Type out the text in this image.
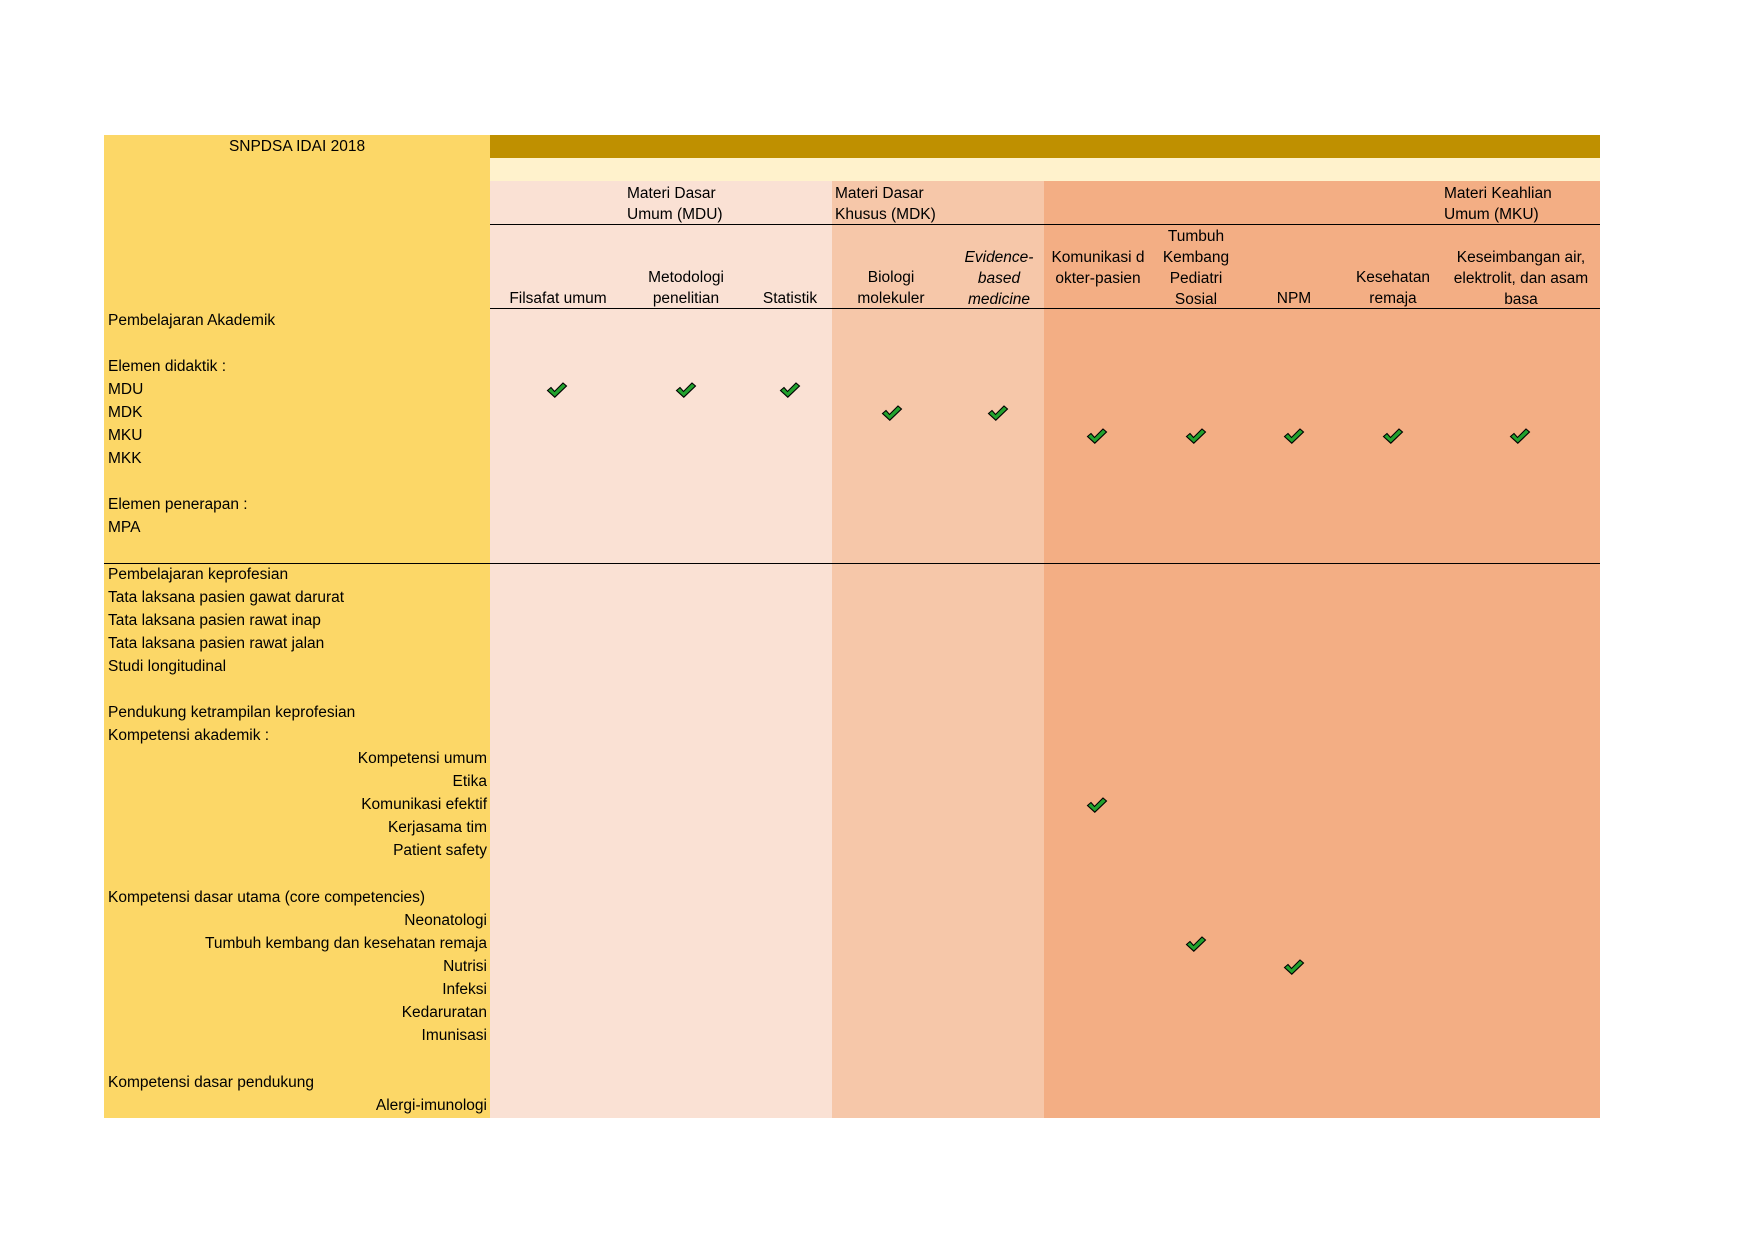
SNPDSA IDAI 2018
Materi Dasar Umum (MDU)
Materi Dasar Khusus (MDK)
Materi Keahlian Umum (MKU)
Filsafat umum
Metodologi penelitian	Statistik
Biologi molekuler
Evidence-based medicine
Komunikasi dokter-pasien
Tumbuh Kembang Pediatri Sosial	NPM
Kesehatan remaja
Keseimbangan air, elektrolit, dan asam basa
Pembelajaran Akademik
Elemen didaktik :
MDU
MDK
MKU
MKK
Elemen penerapan :
MPA
Pembelajaran keprofesian
Tata laksana pasien gawat darurat
Tata laksana pasien rawat inap
Tata laksana pasien rawat jalan
Studi longitudinal
Pendukung ketrampilan keprofesian
Kompetensi akademik :
Kompetensi umum
Etika
Komunikasi efektif
Kerjasama tim
Patient safety
Kompetensi dasar utama (core competencies)
Neonatologi
Tumbuh kembang dan kesehatan remaja
Nutrisi
Infeksi
Kedaruratan
Imunisasi
Kompetensi dasar pendukung
Alergi-imunologi
